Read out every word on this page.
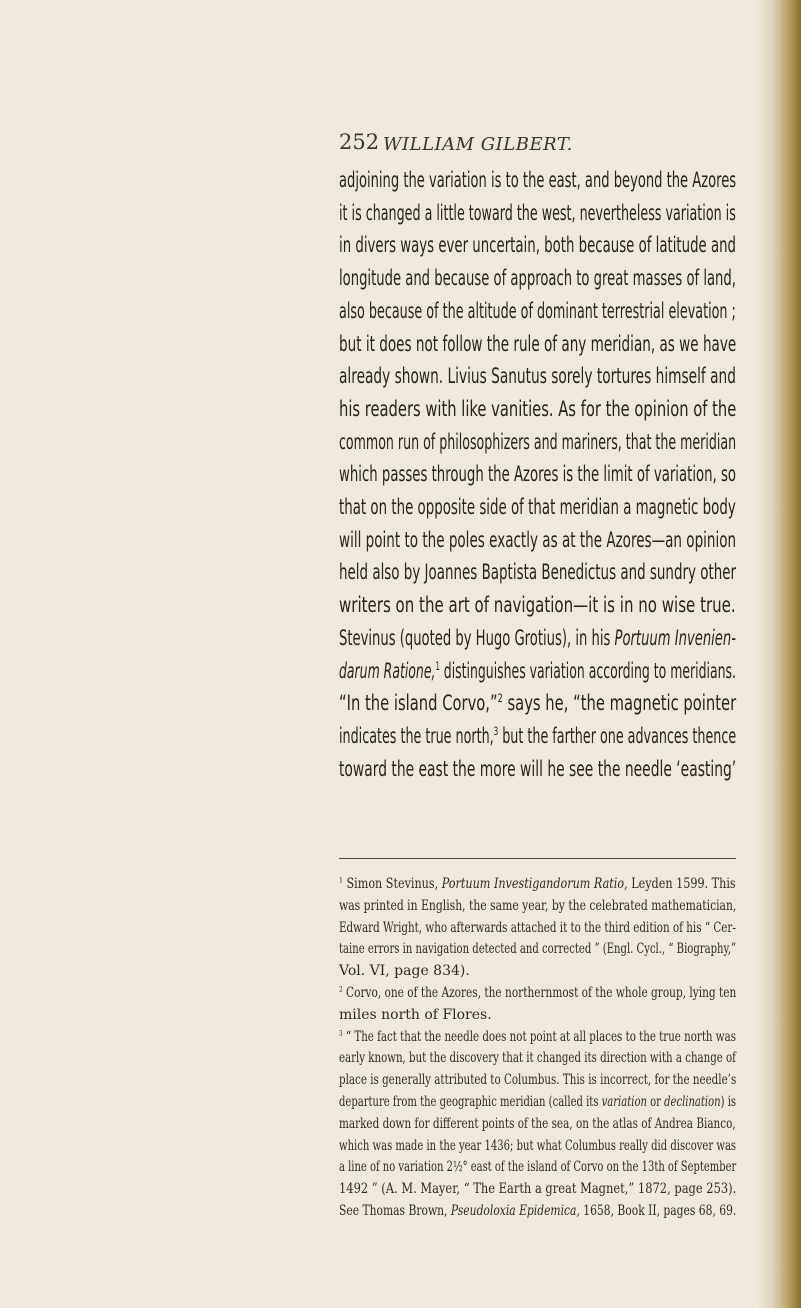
252 WILLIAM GILBERT.
adjoining the variation is to the east, and beyond the Azores
it is changed a little toward the west, nevertheless variation is
in divers ways ever uncertain, both because of latitude and
longitude and because of approach to great masses of land,
also because of the altitude of dominant terrestrial elevation ;
but it does not follow the rule of any meridian, as we have
already shown. Livius Sanutus sorely tortures himself and
his readers with like vanities. As for the opinion of the
common run of philosophizers and mariners, that the meridian
which passes through the Azores is the limit of variation, so
that on the opposite side of that meridian a magnetic body
will point to the poles exactly as at the Azores—an opinion
held also by Joannes Baptista Benedictus and sundry other
writers on the art of navigation—it is in no wise true.
Stevinus (quoted by Hugo Grotius), in his Portuum Invenien-
darum Ratione,$^1$ distinguishes variation according to meridians.
“In the island Corvo,”$^2$ says he, “the magnetic pointer
indicates the true north,$^3$ but the farther one advances thence
toward the east the more will he see the needle ‘easting’
$^1$ Simon Stevinus, Portuum Investigandorum Ratio, Leyden 1599. This
was printed in English, the same year, by the celebrated mathematician,
Edward Wright, who afterwards attached it to the third edition of his “ Cer-
taine errors in navigation detected and corrected ” (Engl. Cycl., “ Biography,”
Vol. VI, page 834).
$^2$ Corvo, one of the Azores, the northernmost of the whole group, lying ten
miles north of Flores.
$^3$ “ The fact that the needle does not point at all places to the true north was
early known, but the discovery that it changed its direction with a change of
place is generally attributed to Columbus. This is incorrect, for the needle’s
departure from the geographic meridian (called its variation or declination) is
marked down for different points of the sea, on the atlas of Andrea Bianco,
which was made in the year 1436; but what Columbus really did discover was
a line of no variation 2½° east of the island of Corvo on the 13th of September
1492 ” (A. M. Mayer, “ The Earth a great Magnet,” 1872, page 253).
See Thomas Brown, Pseudoloxia Epidemica, 1658, Book II, pages 68, 69.
